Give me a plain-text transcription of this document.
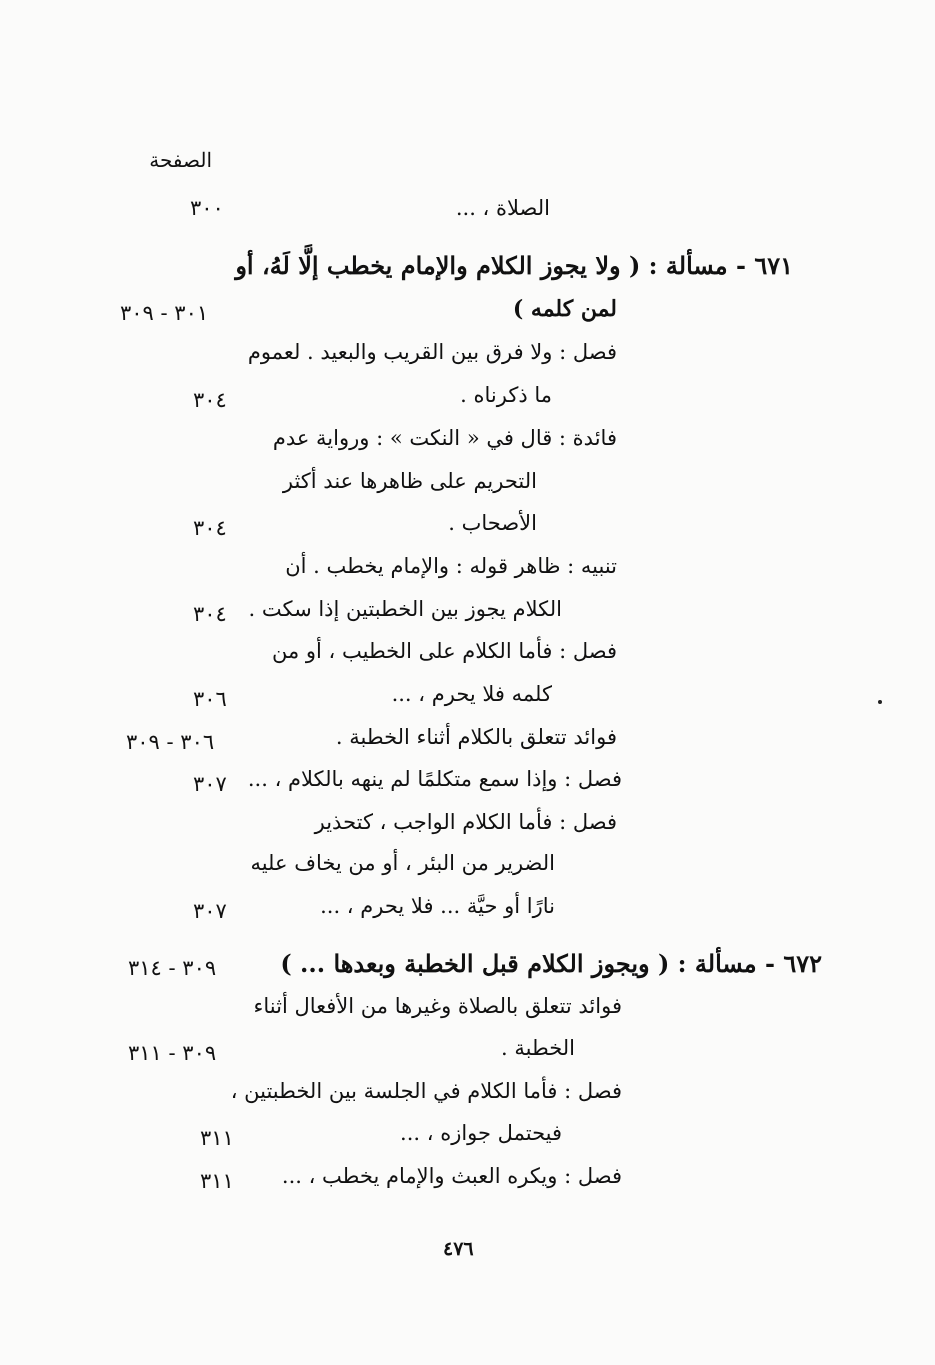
الصفحة
الصلاة ، ...
٣٠٠
٦٧١ - مسألة : ( ولا يجوز الكلام والإمام يخطب إلَّا لَهُ، أو
لمن كلمه )
٣٠١ - ٣٠٩
فصل : ولا فرق بين القريب والبعيد . لعموم
ما ذكرناه .
٣٠٤
فائدة : قال في « النكت » : ورواية عدم
التحريم على ظاهرها عند أكثر
الأصحاب .
٣٠٤
تنبيه : ظاهر قوله : والإمام يخطب . أن
الكلام يجوز بين الخطبتين إذا سكت .
٣٠٤
فصل : فأما الكلام على الخطيب ، أو من
كلمه فلا يحرم ، ...
٣٠٦
فوائد تتعلق بالكلام أثناء الخطبة .
٣٠٦ - ٣٠٩
فصل : وإذا سمع متكلمًا لم ينهه بالكلام ، ...
٣٠٧
فصل : فأما الكلام الواجب ، كتحذير
الضرير من البئر ، أو من يخاف عليه
نارًا أو حيَّة ... فلا يحرم ، ...
٣٠٧
٦٧٢ - مسألة : ( ويجوز الكلام قبل الخطبة وبعدها ... )
٣٠٩ - ٣١٤
فوائد تتعلق بالصلاة وغيرها من الأفعال أثناء
الخطبة .
٣٠٩ - ٣١١
فصل : فأما الكلام في الجلسة بين الخطبتين ،
فيحتمل جوازه ، ...
٣١١
فصل : ويكره العبث والإمام يخطب ، ...
٣١١
٤٧٦
